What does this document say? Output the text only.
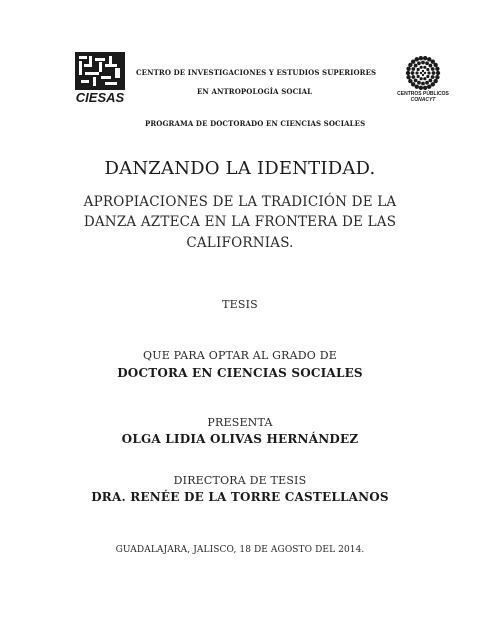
CIESAS
CENTRO DE INVESTIGACIONES Y ESTUDIOS SUPERIORES
EN ANTROPOLOGÍA SOCIAL	CENTROS PÚBLICOS
CONACYT
PROGRAMA DE DOCTORADO EN CIENCIAS SOCIALES
DANZANDO LA IDENTIDAD.
APROPIACIONES DE LA TRADICIÓN DE LA
DANZA AZTECA EN LA FRONTERA DE LAS
CALIFORNIAS.
TESIS
QUE PARA OPTAR AL GRADO DE
DOCTORA EN CIENCIAS SOCIALES
PRESENTA
OLGA LIDIA OLIVAS HERNÁNDEZ
DIRECTORA DE TESIS
DRA. RENÉE DE LA TORRE CASTELLANOS
GUADALAJARA, JALISCO, 18 DE AGOSTO DEL 2014.
